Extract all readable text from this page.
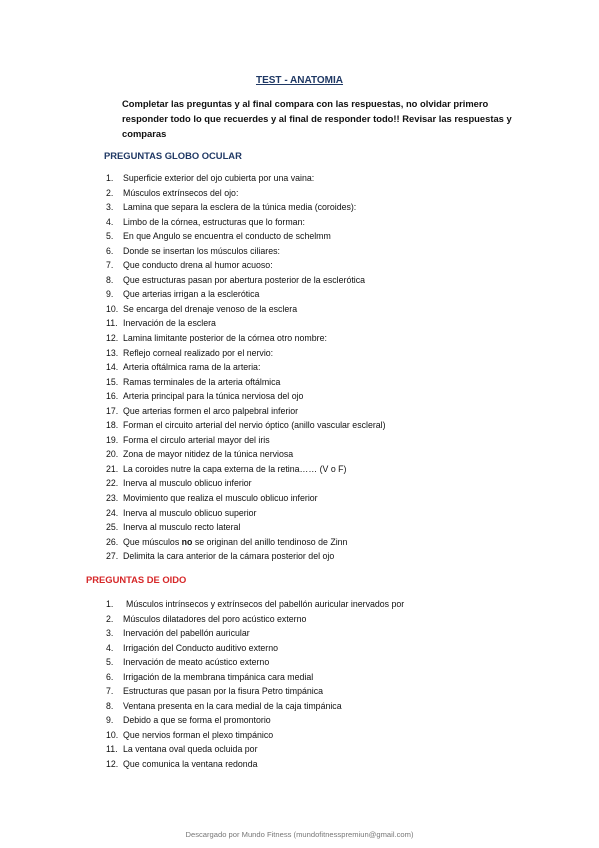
TEST - ANATOMIA
Completar las preguntas y al final compara con las respuestas, no olvidar primero responder todo lo que recuerdes y al final de responder todo!! Revisar las respuestas y comparas
PREGUNTAS GLOBO OCULAR
1.	Superficie exterior del ojo cubierta por una vaina:
2.	Músculos extrínsecos del ojo:
3.	Lamina que separa la esclera de la túnica media (coroides):
4.	Limbo de la córnea, estructuras que lo forman:
5.	En que Angulo se encuentra el conducto de schelmm
6.	Donde se insertan los músculos ciliares:
7.	Que conducto drena al humor acuoso:
8.	Que estructuras pasan por abertura posterior de la esclerótica
9.	Que arterias irrigan a la esclerótica
10. Se encarga del drenaje venoso de la esclera
11. Inervación de la esclera
12. Lamina limitante posterior de la córnea otro nombre:
13. Reflejo corneal realizado por el nervio:
14. Arteria oftálmica rama de la arteria:
15. Ramas terminales de la arteria oftálmica
16. Arteria principal para la túnica nerviosa del ojo
17. Que arterias formen el arco palpebral inferior
18. Forman el circuito arterial del nervio óptico (anillo vascular escleral)
19. Forma el circulo arterial mayor del iris
20. Zona de mayor nitidez de la túnica nerviosa
21. La coroides nutre la capa externa de la retina…… (V o F)
22. Inerva al musculo oblicuo inferior
23. Movimiento que realiza el musculo oblicuo inferior
24. Inerva al musculo oblicuo superior
25. Inerva al musculo recto lateral
26. Que músculos no se originan del anillo tendinoso de Zinn
27. Delimita la cara anterior de la cámara posterior del ojo
PREGUNTAS DE OIDO
1.	Músculos intrínsecos y extrínsecos del pabellón auricular inervados por
2.	Músculos dilatadores del poro acústico externo
3.	Inervación del pabellón auricular
4.	Irrigación del Conducto auditivo externo
5.	Inervación de meato acústico externo
6.	Irrigación de la membrana timpánica cara medial
7.	Estructuras que pasan por la fisura Petro timpánica
8.	Ventana presenta en la cara medial de la caja timpánica
9.	Debido a que se forma el promontorio
10. Que nervios forman el plexo timpánico
11. La ventana oval queda ocluida por
12. Que comunica la ventana redonda
Descargado por Mundo Fitness (mundofitnesspremiun@gmail.com)
